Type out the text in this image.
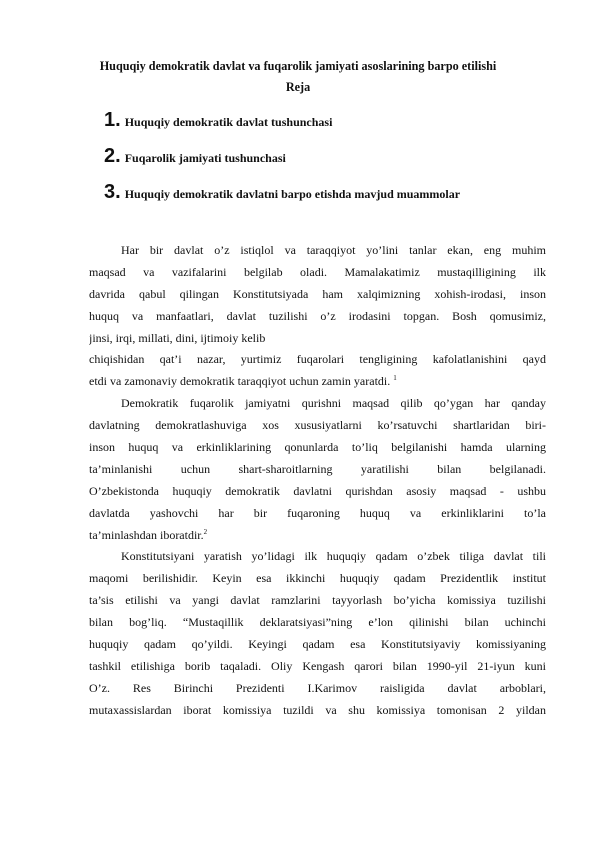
Huquqiy demokratik davlat va fuqarolik jamiyati asoslarining barpo etilishi
Reja
1. Huquqiy demokratik davlat tushunchasi
2. Fuqarolik jamiyati tushunchasi
3. Huquqiy demokratik davlatni barpo etishda mavjud muammolar
Har bir davlat o’z istiqlol va taraqqiyot yo’lini tanlar ekan, eng muhim
maqsad va vazifalarini belgilab oladi. Mamalakatimiz mustaqilligining ilk
davrida qabul qilingan Konstitutsiyada ham xalqimizning xohish-irodasi, inson
huquq va manfaatlari, davlat tuzilishi o’z irodasini topgan. Bosh qomusimiz,
jinsi, irqi, millati, dini, ijtimoiy kelib
chiqishidan qat’i nazar, yurtimiz fuqarolari tengligining kafolatlanishini qayd
etdi va zamonaviy demokratik taraqqiyot uchun zamin yaratdi. $^1$
Demokratik fuqarolik jamiyatni qurishni maqsad qilib qo’ygan har qanday
davlatning demokratlashuviga xos xususiyatlarni ko’rsatuvchi shartlaridan biri-
inson huquq va erkinliklarining qonunlarda to’liq belgilanishi hamda ularning
ta’minlanishi uchun shart-sharoitlarning yaratilishi bilan belgilanadi.
O’zbekistonda huquqiy demokratik davlatni qurishdan asosiy maqsad - ushbu
davlatda yashovchi har bir fuqaroning huquq va erkinliklarini to’la
ta’minlashdan iboratdir.$^2$
Konstitutsiyani yaratish yo’lidagi ilk huquqiy qadam o’zbek tiliga davlat tili
maqomi berilishidir. Keyin esa ikkinchi huquqiy qadam Prezidentlik institut
ta’sis etilishi va yangi davlat ramzlarini tayyorlash bo’yicha komissiya tuzilishi
bilan bog’liq. “Mustaqillik deklaratsiyasi”ning e’lon qilinishi bilan uchinchi
huquqiy qadam qo’yildi. Keyingi qadam esa Konstitutsiyaviy komissiyaning
tashkil etilishiga borib taqaladi. Oliy Kengash qarori bilan 1990-yil 21-iyun kuni
O’z. Res Birinchi Prezidenti I.Karimov raisligida davlat arboblari,
mutaxassislardan iborat komissiya tuzildi va shu komissiya tomonisan 2 yildan
